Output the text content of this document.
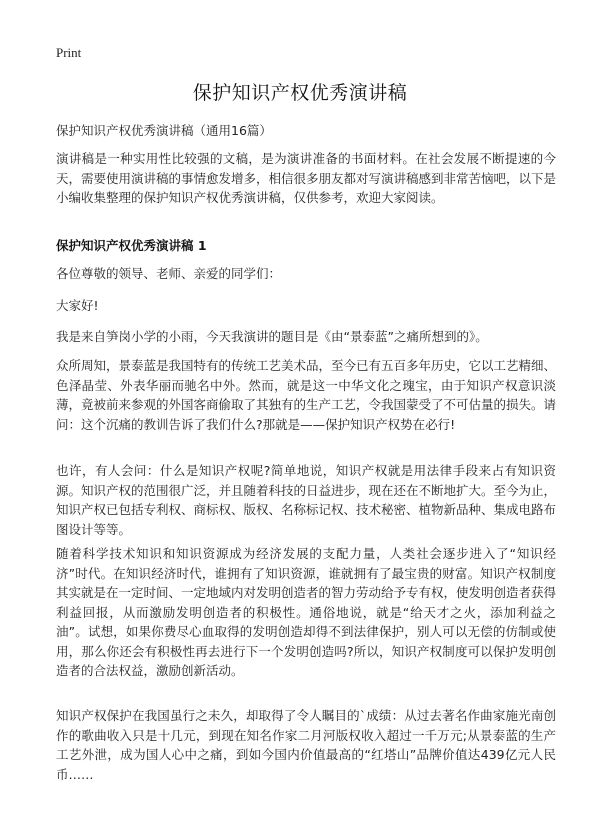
Print
保护知识产权优秀演讲稿
保护知识产权优秀演讲稿（通用16篇）

演讲稿是一种实用性比较强的文稿，是为演讲准备的书面材料。在社会发展不断提速的今天，需要使用演讲稿的事情愈发增多，相信很多朋友都对写演讲稿感到非常苦恼吧，以下是小编收集整理的保护知识产权优秀演讲稿，仅供参考，欢迎大家阅读。

保护知识产权优秀演讲稿 1

各位尊敬的领导、老师、亲爱的同学们：

大家好!

我是来自笋岗小学的小雨，今天我演讲的题目是《由“景泰蓝”之痛所想到的》。

众所周知，景泰蓝是我国特有的传统工艺美术品，至今已有五百多年历史，它以工艺精细、色泽晶莹、外表华丽而驰名中外。然而，就是这一中华文化之瑰宝，由于知识产权意识淡薄，竟被前来参观的外国客商偷取了其独有的生产工艺，令我国蒙受了不可估量的损失。请问：这个沉痛的教训告诉了我们什么?那就是——保护知识产权势在必行!

也许，有人会问：什么是知识产权呢?简单地说，知识产权就是用法律手段来占有知识资源。知识产权的范围很广泛，并且随着科技的日益进步，现在还在不断地扩大。至今为止，知识产权已包括专利权、商标权、版权、名称标记权、技术秘密、植物新品种、集成电路布图设计等等。

随着科学技术知识和知识资源成为经济发展的支配力量，人类社会逐步进入了“知识经济”时代。在知识经济时代，谁拥有了知识资源，谁就拥有了最宝贵的财富。知识产权制度其实就是在一定时间、一定地域内对发明创造者的智力劳动给予专有权，使发明创造者获得利益回报，从而激励发明创造者的积极性。通俗地说，就是“给天才之火，添加利益之油”。试想，如果你费尽心血取得的发明创造却得不到法律保护，别人可以无偿的仿制或使用，那么你还会有积极性再去进行下一个发明创造吗?所以，知识产权制度可以保护发明创造者的合法权益，激励创新活动。

知识产权保护在我国虽行之未久，却取得了令人瞩目的`成绩：从过去著名作曲家施光南创作的歌曲收入只是十几元，到现在知名作家二月河版权收入超过一千万元;从景泰蓝的生产工艺外泄，成为国人心中之痛，到如今国内价值最高的“红塔山”品牌价值达439亿元人民币……
